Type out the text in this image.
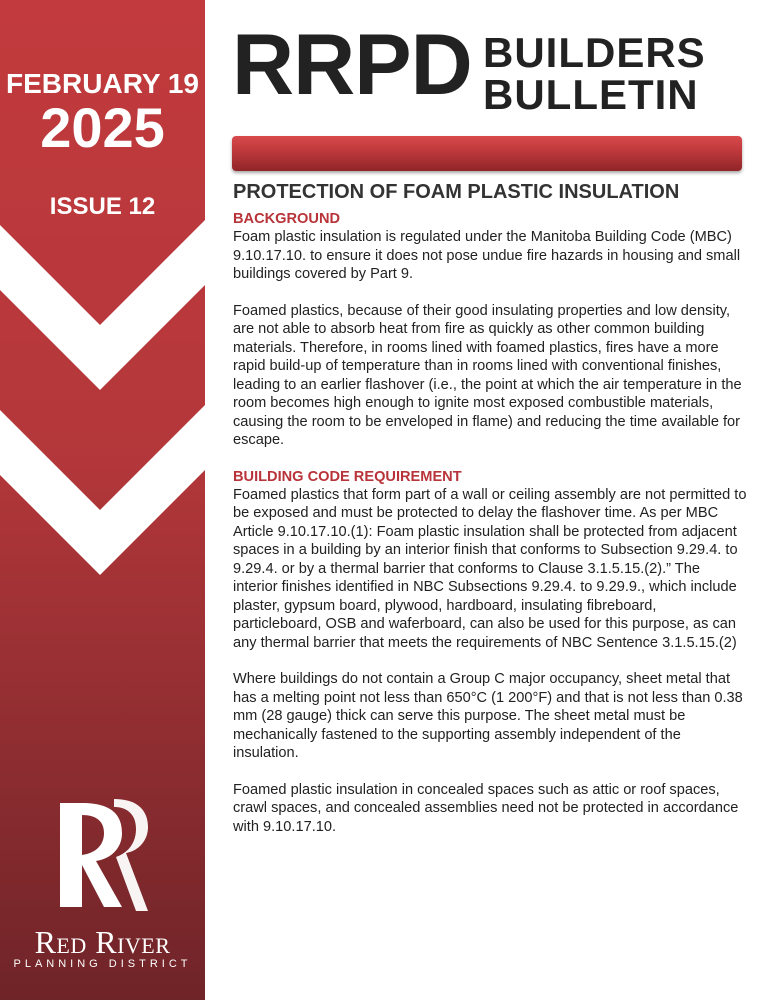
FEBRUARY 19
2025
ISSUE 12
Red River
PLANNING DISTRICT
RRPD BUILDERS
BULLETIN
PROTECTION OF FOAM PLASTIC INSULATION
BACKGROUND

Foam plastic insulation is regulated under the Manitoba Building Code (MBC) 9.10.17.10. to ensure it does not pose undue fire hazards in housing and small buildings covered by Part 9.

Foamed plastics, because of their good insulating properties and low density, are not able to absorb heat from fire as quickly as other common building materials. Therefore, in rooms lined with foamed plastics, fires have a more rapid build-up of temperature than in rooms lined with conventional finishes, leading to an earlier flashover (i.e., the point at which the air temperature in the room becomes high enough to ignite most exposed combustible materials, causing the room to be enveloped in flame) and reducing the time available for escape.

BUILDING CODE REQUIREMENT

Foamed plastics that form part of a wall or ceiling assembly are not permitted to be exposed and must be protected to delay the flashover time. As per MBC Article 9.10.17.10.(1): Foam plastic insulation shall be protected from adjacent spaces in a building by an interior finish that conforms to Subsection 9.29.4. to 9.29.4. or by a thermal barrier that conforms to Clause 3.1.5.15.(2).” The interior finishes identified in NBC Subsections 9.29.4. to 9.29.9., which include plaster, gypsum board, plywood, hardboard, insulating fibreboard, particleboard, OSB and waferboard, can also be used for this purpose, as can any thermal barrier that meets the requirements of NBC Sentence 3.1.5.15.(2)

Where buildings do not contain a Group C major occupancy, sheet metal that has a melting point not less than 650°C (1 200°F) and that is not less than 0.38 mm (28 gauge) thick can serve this purpose. The sheet metal must be mechanically fastened to the supporting assembly independent of the insulation.

Foamed plastic insulation in concealed spaces such as attic or roof spaces, crawl spaces, and concealed assemblies need not be protected in accordance with 9.10.17.10.
